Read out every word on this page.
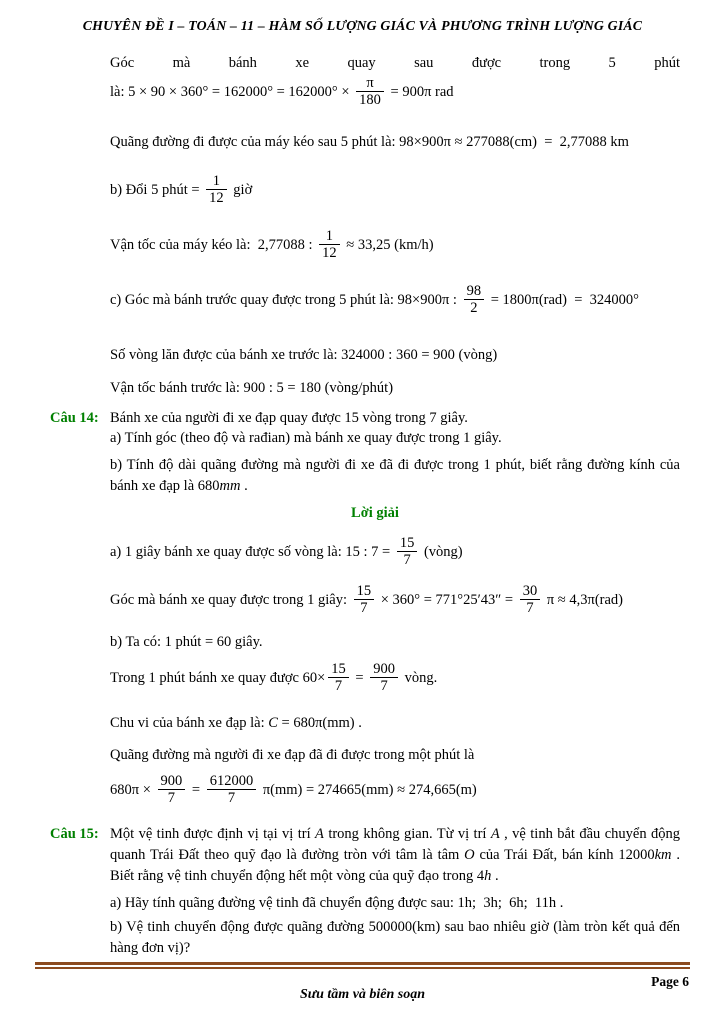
CHUYÊN ĐỀ I – TOÁN – 11 – HÀM SỐ LƯỢNG GIÁC VÀ PHƯƠNG TRÌNH LƯỢNG GIÁC

Góc mà bánh xe quay sau được trong 5 phút

là: $5 \times 90 \times 360^\circ = 162000^\circ = 162000^\circ \times \frac{\pi}{180} = 900\pi$ rad

Quãng đường đi được của máy kéo sau 5 phút là: 98×900π ≈ 277088(cm)  =  2,77088 km

b) Đổi 5 phút = $\frac{1}{12}$ giờ

Vận tốc của máy kéo là:  2,77088 : $\frac{1}{12} \approx 33,25$ (km/h)

c) Góc mà bánh trước quay được trong 5 phút là: 98×900π : $\frac{98}{2} = 1800\pi(rad) = 324000^\circ$

Số vòng lăn được của bánh xe trước là: 324000 : 360 = 900 (vòng)

Vận tốc bánh trước là: 900 : 5 = 180 (vòng/phút)

Câu 14: Bánh xe của người đi xe đạp quay được 15 vòng trong 7 giây.

a) Tính góc (theo độ và rađian) mà bánh xe quay được trong 1 giây.

b) Tính độ dài quãng đường mà người đi xe đã đi được trong 1 phút, biết rằng đường kính của bánh xe đạp là 680mm .

Lời giải

a) 1 giây bánh xe quay được số vòng là: 15 : $7 = \frac{15}{7}$ (vòng)

Góc mà bánh xe quay được trong 1 giây: $\frac{15}{7} \times 360^\circ = 771^\circ 25'43'' = \frac{30}{7}$ π ≈ 4,3π(rad)

b) Ta có: 1 phút = 60 giây.

Trong 1 phút bánh xe quay được $60\times \frac{15}{7} = \frac{900}{7}$ vòng.

Chu vi của bánh xe đạp là: C = 680π(mm) .

Quãng đường mà người đi xe đạp đã đi được trong một phút là

$680\pi \times \frac{900}{7} = \frac{612000}{7} \pi(mm) = 274665(mm) \approx 274,665(m)$

Câu 15: Một vệ tinh được định vị tại vị trí A trong không gian. Từ vị trí A , vệ tinh bắt đầu chuyển động quanh Trái Đất theo quỹ đạo là đường tròn với tâm là tâm O của Trái Đất, bán kính 12000km . Biết rằng vệ tinh chuyển động hết một vòng của quỹ đạo trong 4h .

a) Hãy tính quãng đường vệ tinh đã chuyển động được sau: 1h;  3h;  6h;  11h .

b) Vệ tinh chuyển động được quãng đường 500000(km) sau bao nhiêu giờ (làm tròn kết quả đến hàng đơn vị)?

Page 6

Sưu tầm và biên soạn
